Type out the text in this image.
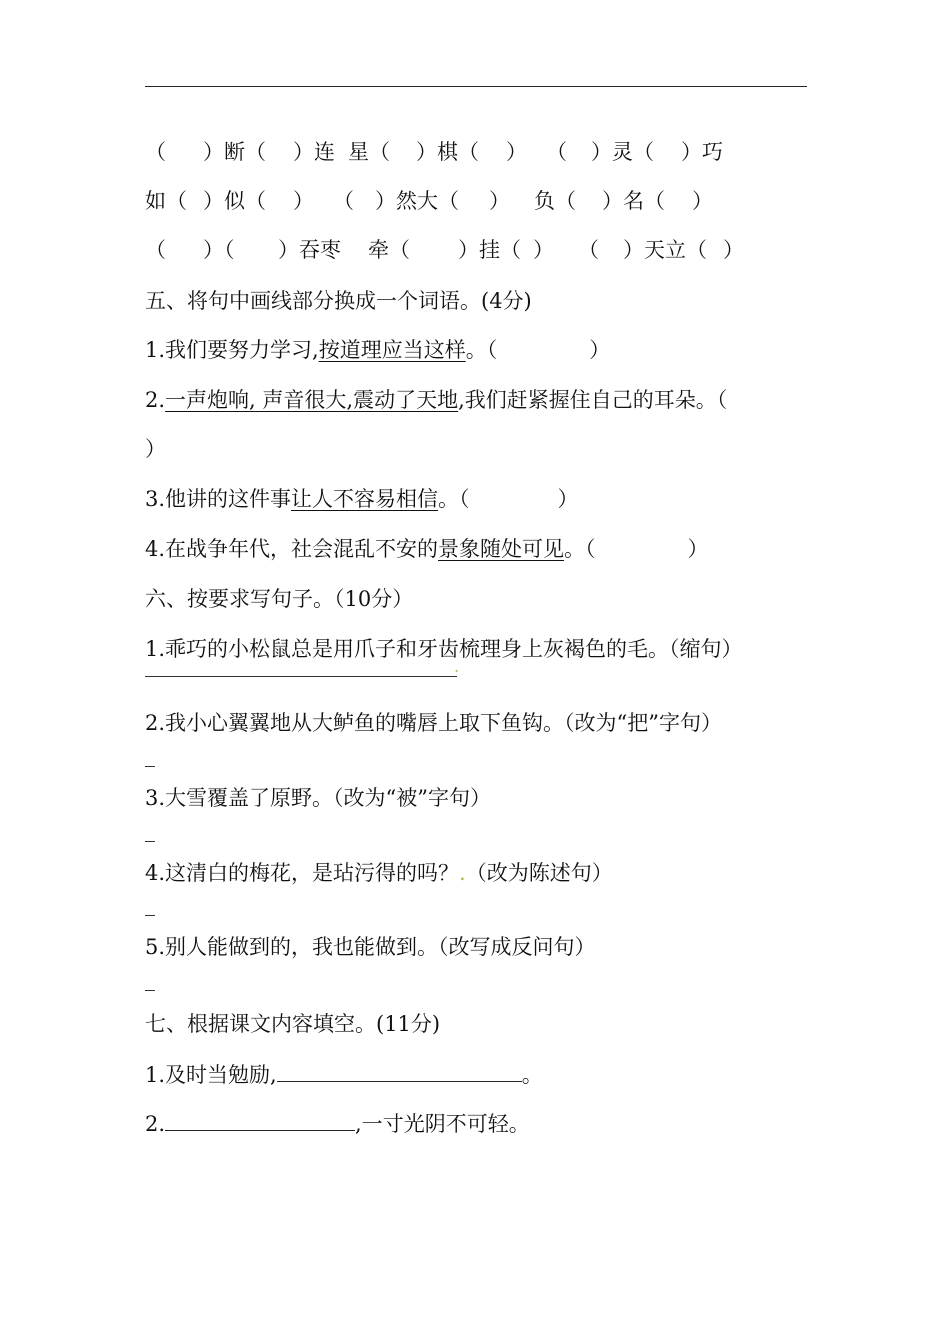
（ ）断（ ）连 星（ ）棋（ ） （ ）灵（ ）巧
如（ ）似（ ） （ ）然大（ ） 负（ ）名（ ）
（ ）（ ）吞枣 牵（ ）挂（ ） （ ）天立（ ）
五、将句中画线部分换成一个词语。(4分)
1.我们要努力学习,按道理应当这样。（	）
2.一声炮响, 声音很大,震动了天地,我们赶紧握住自己的耳朵。（
）
3.他讲的这件事让人不容易相信。（	）
4.在战争年代，社会混乱不安的景象随处可见。（	）
六、按要求写句子。（10分）
1.乖巧的小松鼠总是用爪子和牙齿梳理身上灰褐色的毛。（缩句）
.
2.我小心翼翼地从大鲈鱼的嘴唇上取下鱼钩。（改为“把”字句）
3.大雪覆盖了原野。（改为“被”字句）
4.这清白的梅花，是玷污得的吗？.（改为陈述句）
5.别人能做到的，我也能做到。（改写成反问句）
七、根据课文内容填空。(11分)
1.及时当勉励,	。
2.	,一寸光阴不可轻。
